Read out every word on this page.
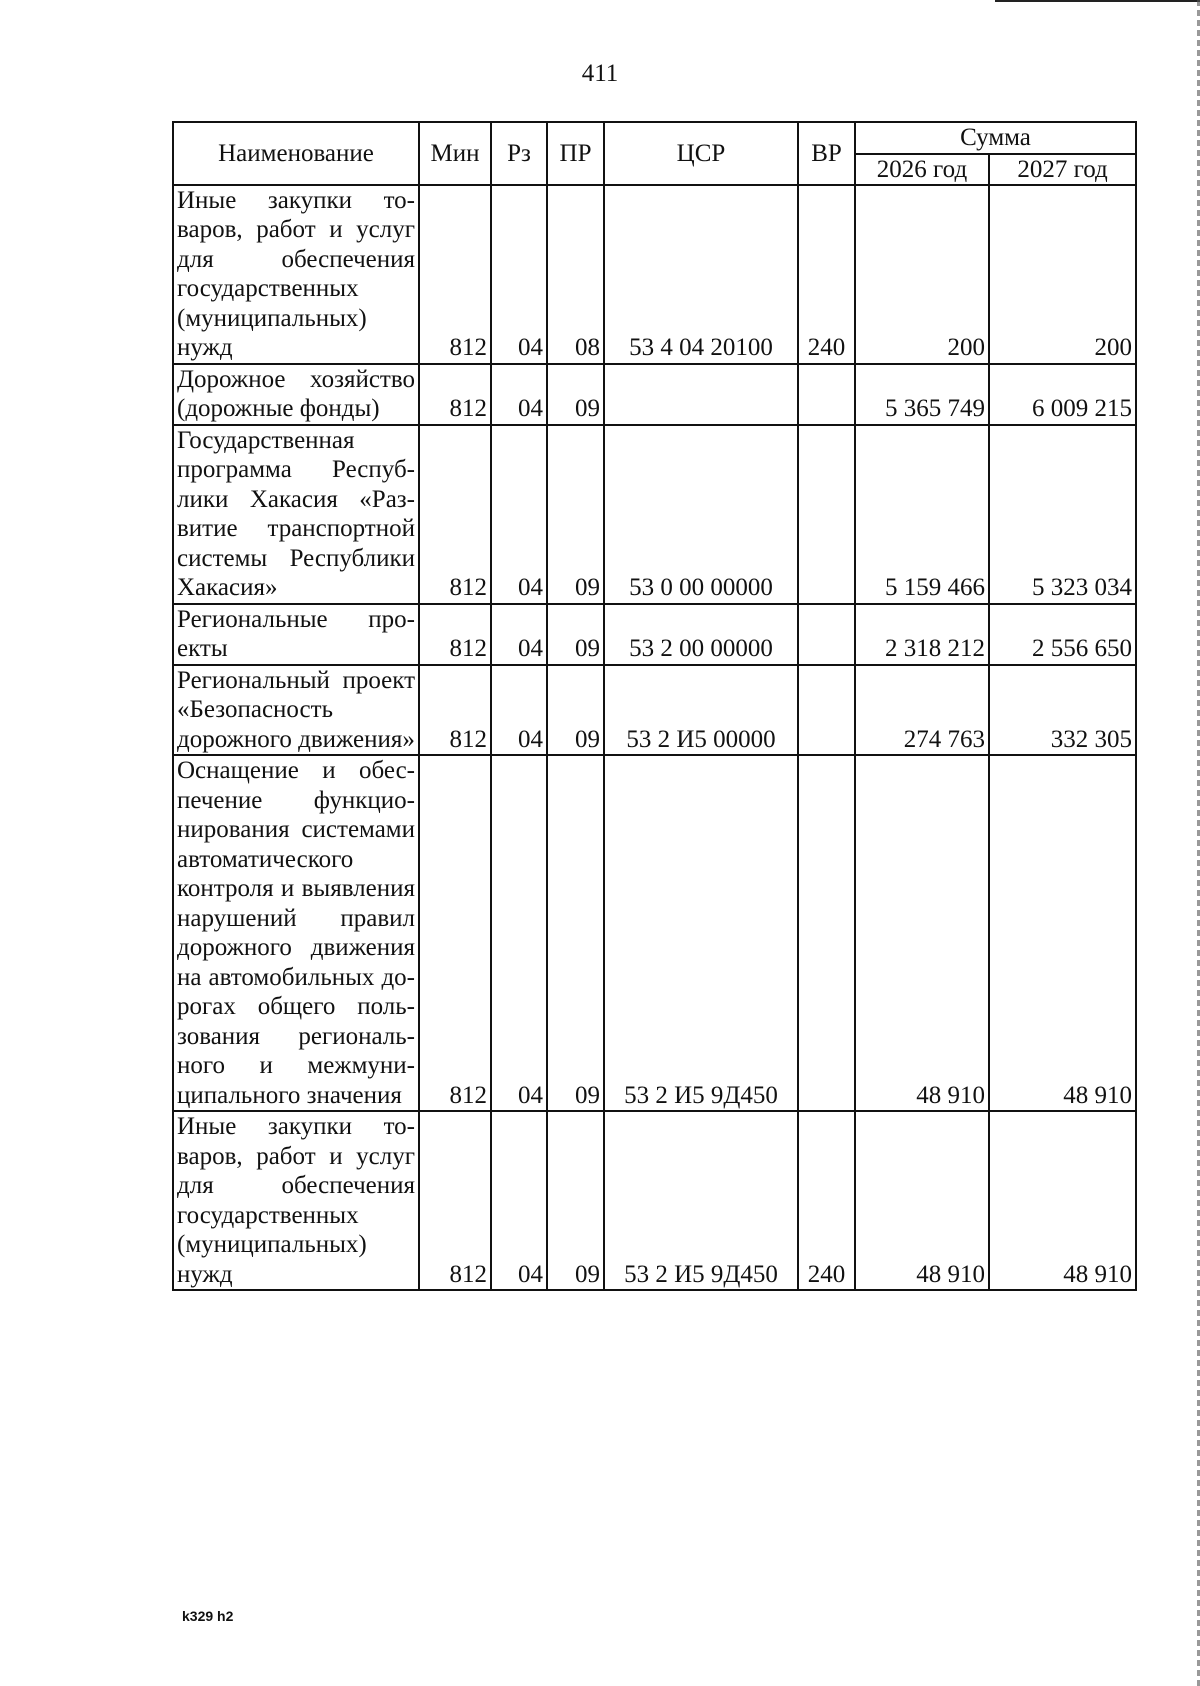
411
Наименование	Мин	Рз	ПР	ЦСР	ВР	Сумма	
						2026 год	2027 год
Иные закупки товаров, работ и услуг для обеспечения государственных (муниципальных) нужд	812	04	08	53 4 04 20100	240	200	200
Дорожное хозяйство (дорожные фонды)	812	04	09			5 365 749	6 009 215
Государственная программа Республики Хакасия «Развитие транспортной системы Республики Хакасия»	812	04	09	53 0 00 00000		5 159 466	5 323 034
Региональные проекты	812	04	09	53 2 00 00000		2 318 212	2 556 650
Региональный проект «Безопасность дорожного движения»	812	04	09	53 2 И5 00000		274 763	332 305
Оснащение и обеспечение функционирования системами автоматического контроля и выявления нарушений правил дорожного движения на автомобильных дорогах общего пользования регионального и межмуниципального значения	812	04	09	53 2 И5 9Д450		48 910	48 910
Иные закупки товаров, работ и услуг для обеспечения государственных (муниципальных) нужд	812	04	09	53 2 И5 9Д450	240	48 910	48 910
k329 h2
